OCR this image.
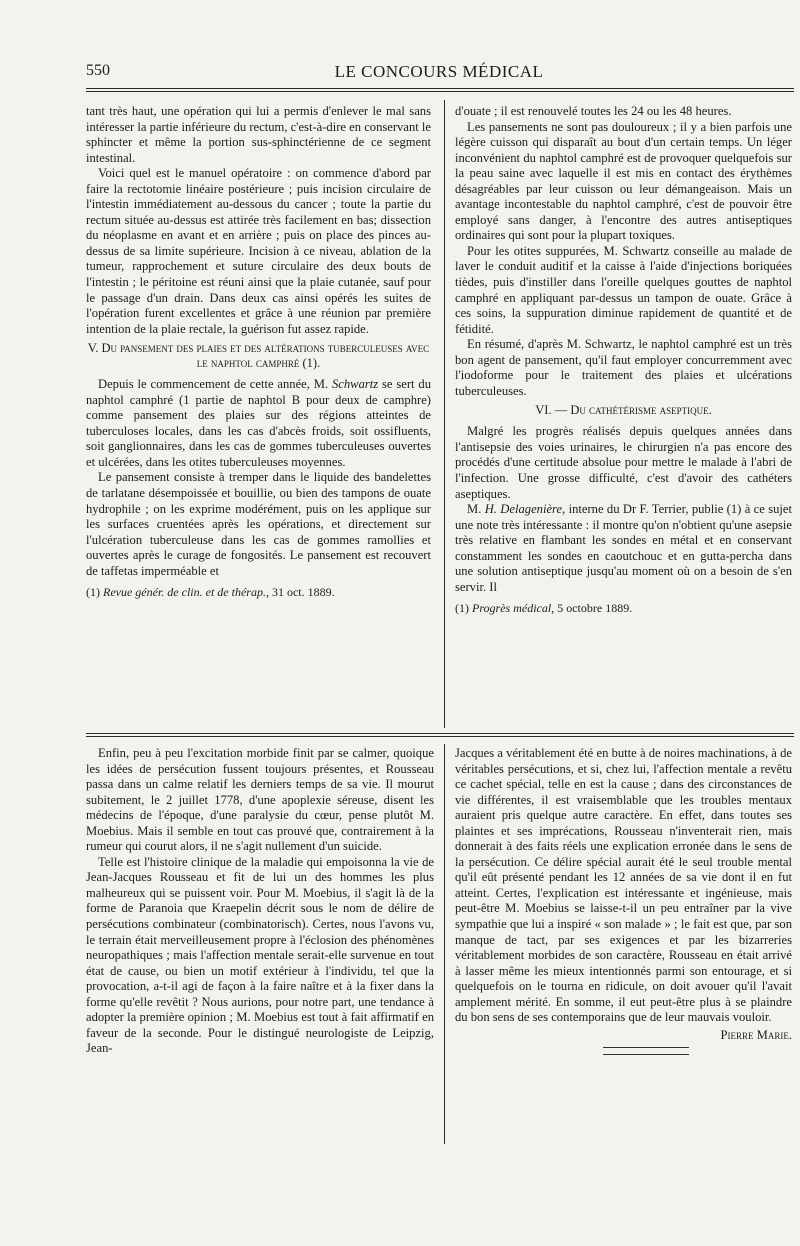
550	LE CONCOURS MÉDICAL

tant très haut, une opération qui lui a permis d'enlever le mal sans intéresser la partie inférieure du rectum, c'est-à-dire en conservant le sphincter et même la portion sus-sphinctérienne de ce segment intestinal.

Voici quel est le manuel opératoire : on commence d'abord par faire la rectotomie linéaire postérieure ; puis incision circulaire de l'intestin immédiatement au-dessous du cancer ; toute la partie du rectum située au-dessus est attirée très facilement en bas; dissection du néoplasme en avant et en arrière ; puis on place des pinces au-dessus de sa limite supérieure. Incision à ce niveau, ablation de la tumeur, rapprochement et suture circulaire des deux bouts de l'intestin ; le péritoine est réuni ainsi que la plaie cutanée, sauf pour le passage d'un drain. Dans deux cas ainsi opérés les suites de l'opération furent excellentes et grâce à une réunion par première intention de la plaie rectale, la guérison fut assez rapide.

V. Du pansement des plaies et des altérations tuberculeuses avec le naphtol camphré (1).

Depuis le commencement de cette année, M. Schwartz se sert du naphtol camphré (1 partie de naphtol B pour deux de camphre) comme pansement des plaies sur des régions atteintes de tuberculoses locales, dans les cas d'abcès froids, soit ossifluents, soit ganglionnaires, dans les cas de gommes tuberculeuses ouvertes et ulcérées, dans les otites tuberculeuses moyennes.

Le pansement consiste à tremper dans le liquide des bandelettes de tarlatane désempoissée et bouillie, ou bien des tampons de ouate hydrophile ; on les exprime modérément, puis on les applique sur les surfaces cruentées après les opérations, et directement sur l'ulcération tuberculeuse dans les cas de gommes ramollies et ouvertes après le curage de fongosités. Le pansement est recouvert de taffetas imperméable et

(1) Revue génér. de clin. et de thérap., 31 oct. 1889.

d'ouate ; il est renouvelé toutes les 24 ou les 48 heures.

Les pansements ne sont pas douloureux ; il y a bien parfois une légère cuisson qui disparaît au bout d'un certain temps. Un léger inconvénient du naphtol camphré est de provoquer quelquefois sur la peau saine avec laquelle il est mis en contact des érythèmes désagréables par leur cuisson ou leur démangeaison. Mais un avantage incontestable du naphtol camphré, c'est de pouvoir être employé sans danger, à l'encontre des autres antiseptiques ordinaires qui sont pour la plupart toxiques.

Pour les otites suppurées, M. Schwartz conseille au malade de laver le conduit auditif et la caisse à l'aide d'injections boriquées tièdes, puis d'instiller dans l'oreille quelques gouttes de naphtol camphré en appliquant par-dessus un tampon de ouate. Grâce à ces soins, la suppuration diminue rapidement de quantité et de fétidité.

En résumé, d'après M. Schwartz, le naphtol camphré est un très bon agent de pansement, qu'il faut employer concurremment avec l'iodoforme pour le traitement des plaies et ulcérations tuberculeuses.

VI. — Du cathétérisme aseptique.

Malgré les progrès réalisés depuis quelques années dans l'antisepsie des voies urinaires, le chirurgien n'a pas encore des procédés d'une certitude absolue pour mettre le malade à l'abri de l'infection. Une grosse difficulté, c'est d'avoir des cathéters aseptiques.

M. H. Delagenière, interne du Dr F. Terrier, publie (1) à ce sujet une note très intéressante : il montre qu'on n'obtient qu'une asepsie très relative en flambant les sondes en métal et en conservant constamment les sondes en caoutchouc et en gutta-percha dans une solution antiseptique jusqu'au moment où on a besoin de s'en servir. Il

(1) Progrès médical, 5 octobre 1889.

Enfin, peu à peu l'excitation morbide finit par se calmer, quoique les idées de persécution fussent toujours présentes, et Rousseau passa dans un calme relatif les derniers temps de sa vie. Il mourut subitement, le 2 juillet 1778, d'une apoplexie séreuse, disent les médecins de l'époque, d'une paralysie du cœur, pense plutôt M. Moebius. Mais il semble en tout cas prouvé que, contrairement à la rumeur qui courut alors, il ne s'agit nullement d'un suicide.

Telle est l'histoire clinique de la maladie qui empoisonna la vie de Jean-Jacques Rousseau et fit de lui un des hommes les plus malheureux qui se puissent voir. Pour M. Moebius, il s'agit là de la forme de Paranoia que Kraepelin décrit sous le nom de délire de persécutions combinateur (combinatorisch). Certes, nous l'avons vu, le terrain était merveilleusement propre à l'éclosion des phénomènes neuropathiques ; mais l'affection mentale serait-elle survenue en tout état de cause, ou bien un motif extérieur à l'individu, tel que la provocation, a-t-il agi de façon à la faire naître et à la fixer dans la forme qu'elle revêtit ? Nous aurions, pour notre part, une tendance à adopter la première opinion ; M. Moebius est tout à fait affirmatif en faveur de la seconde. Pour le distingué neurologiste de Leipzig, Jean-

Jacques a véritablement été en butte à de noires machinations, à de véritables persécutions, et si, chez lui, l'affection mentale a revêtu ce cachet spécial, telle en est la cause ; dans des circonstances de vie différentes, il est vraisemblable que les troubles mentaux auraient pris quelque autre caractère. En effet, dans toutes ses plaintes et ses imprécations, Rousseau n'inventerait rien, mais donnerait à des faits réels une explication erronée dans le sens de la persécution. Ce délire spécial aurait été le seul trouble mental qu'il eût présenté pendant les 12 années de sa vie dont il en fut atteint. Certes, l'explication est intéressante et ingénieuse, mais peut-être M. Moebius se laisse-t-il un peu entraîner par la vive sympathie que lui a inspiré « son malade » ; le fait est que, par son manque de tact, par ses exigences et par les bizarreries véritablement morbides de son caractère, Rousseau en était arrivé à lasser même les mieux intentionnés parmi son entourage, et si quelquefois on le tourna en ridicule, on doit avouer qu'il l'avait amplement mérité. En somme, il eut peut-être plus à se plaindre du bon sens de ses contemporains que de leur mauvais vouloir.

Pierre Marie.
